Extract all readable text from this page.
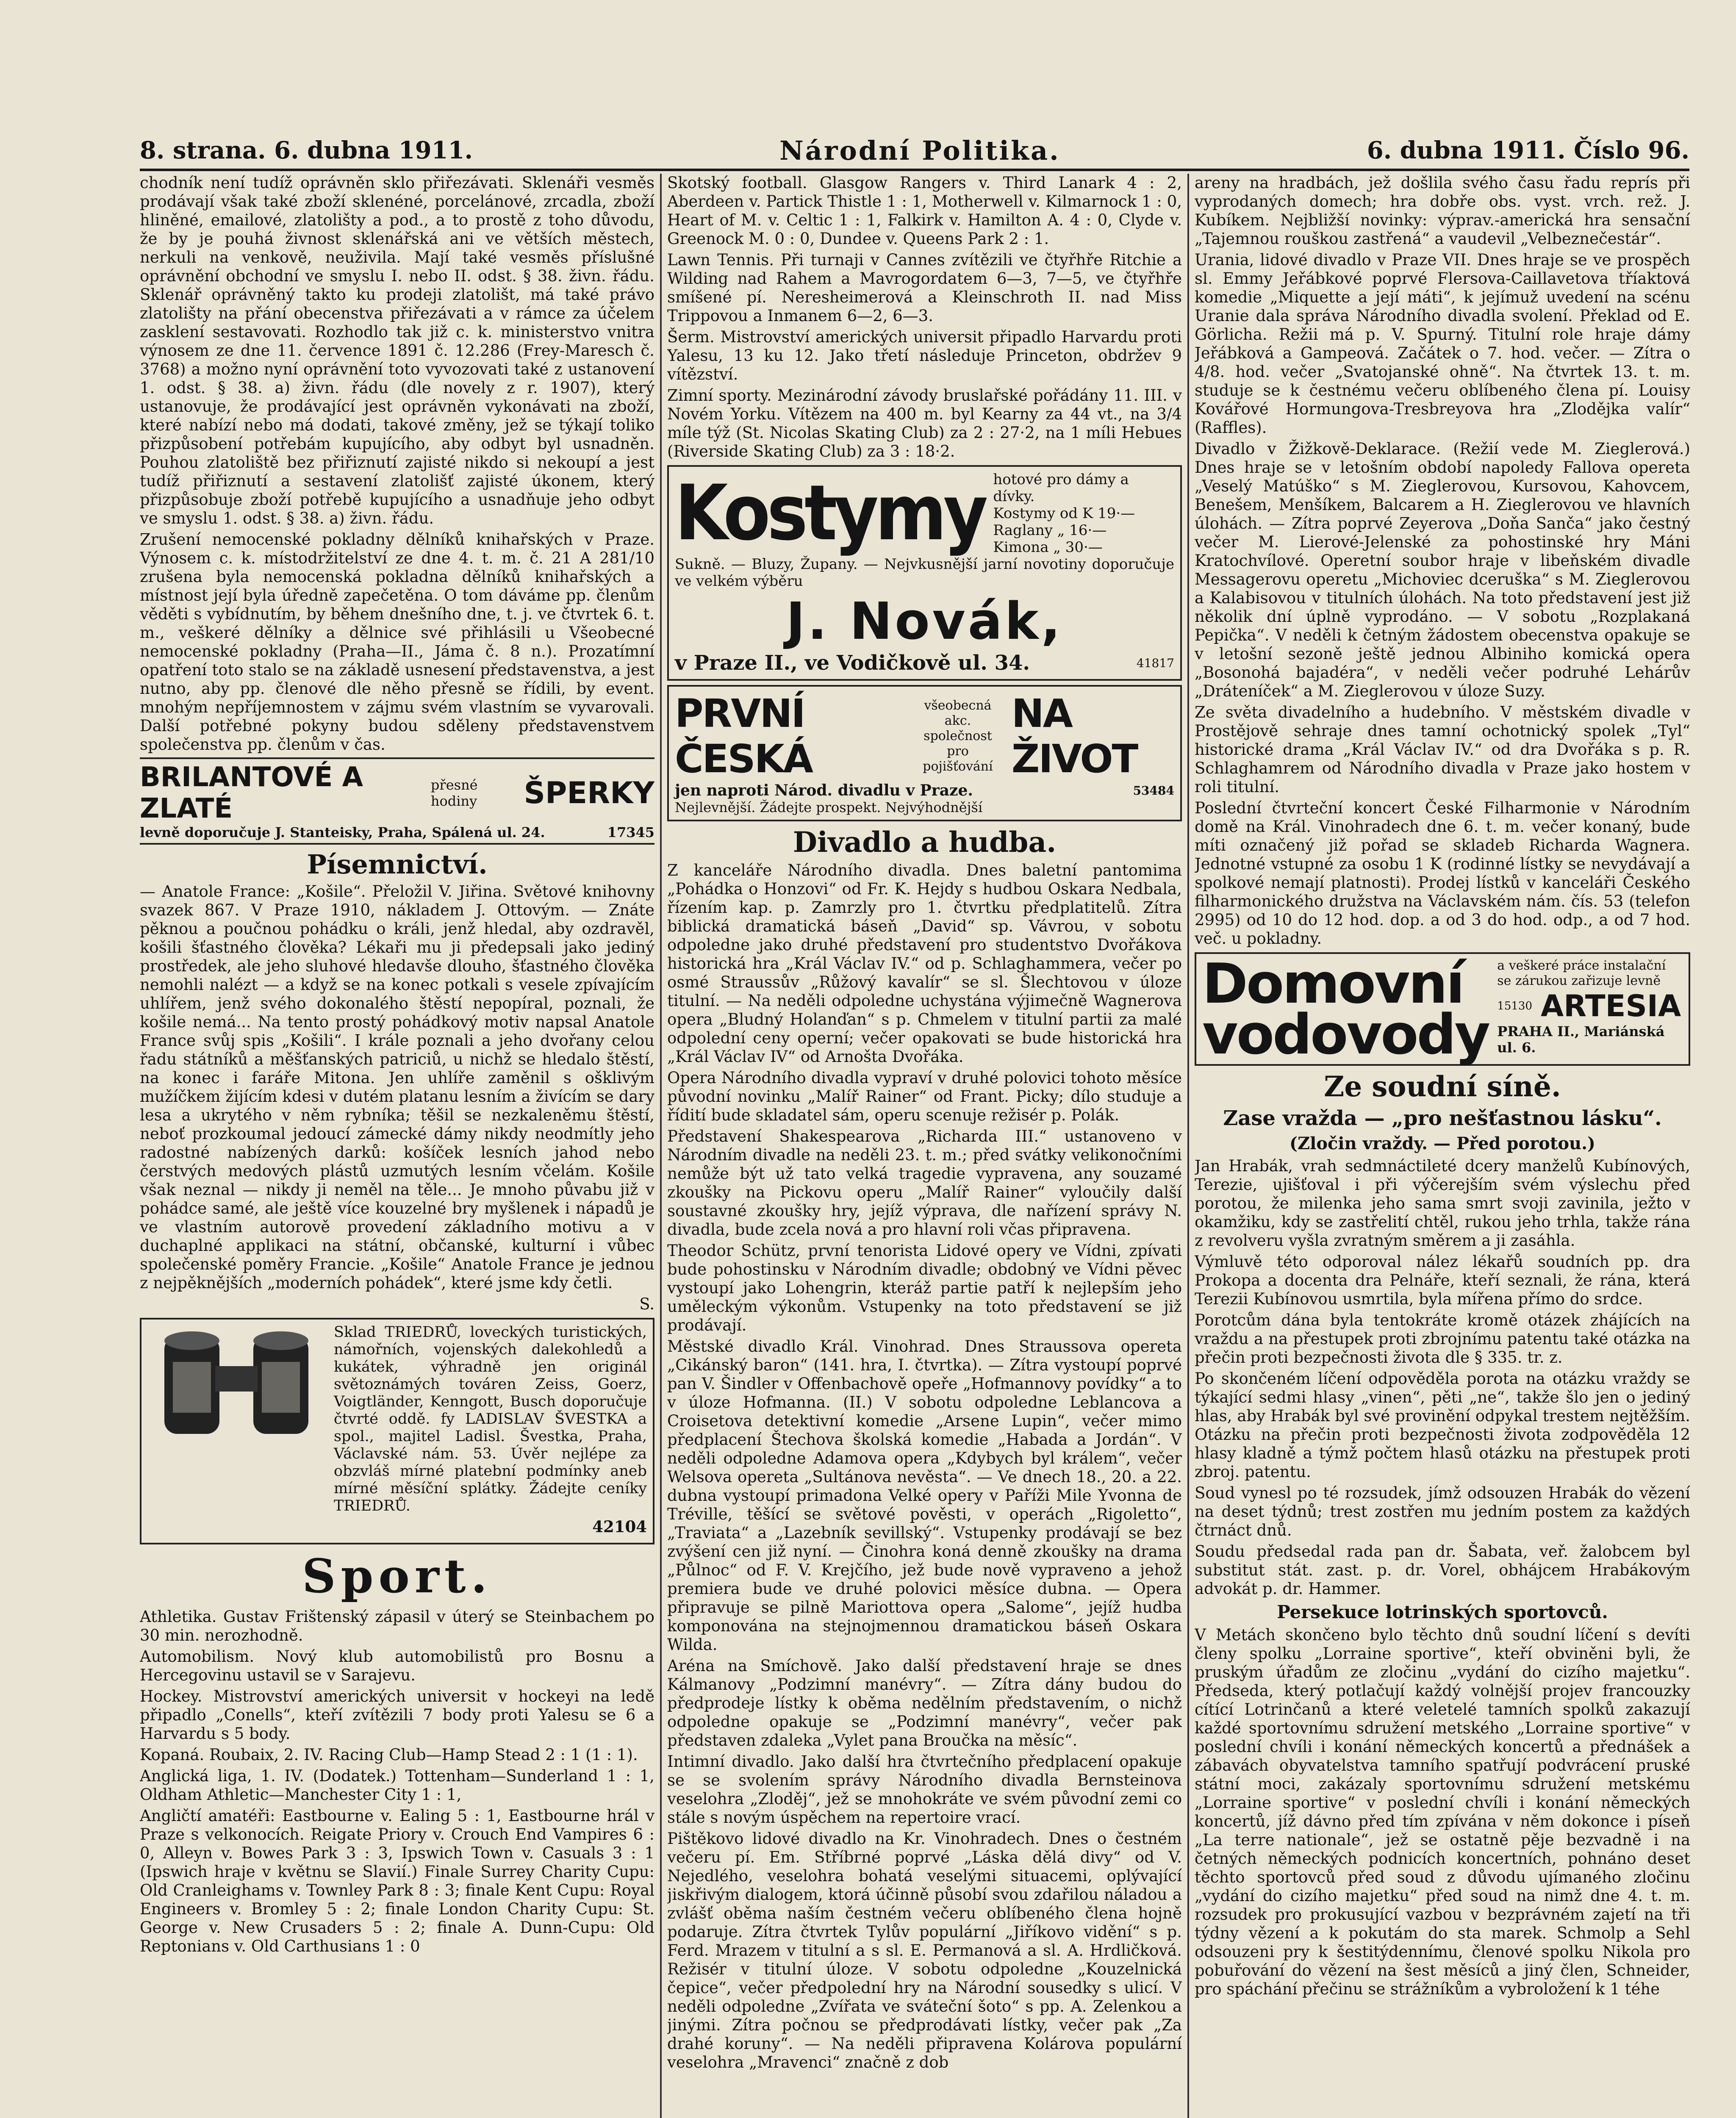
8. strana. 6. dubna 1911.	Národní Politika.	6. dubna 1911. Číslo 96.

chodník není tudíž oprávněn sklo přiřezávati. Sklenáři vesměs prodávají však také zboží sklenéné, porcelánové, zrcadla, zboží hliněné, emailové, zlatolišty a pod., a to prostě z toho důvodu, že by je pouhá živnost sklenářská ani ve větších městech, nerkuli na venkově, neuživila. Mají také vesměs příslušné oprávnění obchodní ve smyslu I. nebo II. odst. § 38. živn. řádu. Sklenář oprávněný takto ku prodeji zlatolišt, má také právo zlatolišty na přání obecenstva přiřezávati a v rámce za účelem zasklení sestavovati. Rozhodlo tak již c. k. ministerstvo vnitra výnosem ze dne 11. července 1891 č. 12.286 (Frey-Maresch č. 3768) a možno nyní oprávnění toto vyvozovati také z ustanovení 1. odst. § 38. a) živn. řádu (dle novely z r. 1907), který ustanovuje, že prodávající jest oprávněn vykonávati na zboží, které nabízí nebo má dodati, takové změny, jež se týkají toliko přizpůsobení potřebám kupujícího, aby odbyt byl usnadněn. Pouhou zlatoliště bez přiřiznutí zajisté nikdo si nekoupí a jest tudíž přiřiznutí a sestavení zlatolišť zajisté úkonem, který přizpůsobuje zboží potřebě kupujícího a usnadňuje jeho odbyt ve smyslu 1. odst. § 38. a) živn. řádu.

Zrušení nemocenské pokladny dělníků knihařských v Praze. Výnosem c. k. místodržitelství ze dne 4. t. m. č. 21 A 281/10 zrušena byla nemocenská pokladna dělníků knihařských a místnost její byla úředně zapečetěna. O tom dáváme pp. členům věděti s vybídnutím, by během dnešního dne, t. j. ve čtvrtek 6. t. m., veškeré dělníky a dělnice své přihlásili u Všeobecné nemocenské pokladny (Praha—II., Jáma č. 8 n.). Prozatímní opatření toto stalo se na základě usnesení představenstva, a jest nutno, aby pp. členové dle něho přesně se řídili, by event. mnohým nepříjemnostem v zájmu svém vlastním se vyvarovali. Další potřebné pokyny budou sděleny představenstvem společenstva pp. členům v čas.

BRILANTOVÉ A ZLATÉ
přesné hodiny	ŠPERKY
levně doporučuje J. Stanteisky, Praha, Spálená ul. 24.	17345
Písemnictví.

— Anatole France: „Košile“. Přeložil V. Jiřina. Světové knihovny svazek 867. V Praze 1910, nákladem J. Ottovým. — Znáte pěknou a poučnou pohádku o králi, jenž hledal, aby ozdravěl, košili šťastného člověka? Lékaři mu ji předepsali jako jediný prostředek, ale jeho sluhové hledavše dlouho, šťastného člověka nemohli nalézt — a když se na konec potkali s vesele zpívajícím uhlířem, jenž svého dokonalého štěstí nepopíral, poznali, že košile nemá... Na tento prostý pohádkový motiv napsal Anatole France svůj spis „Košili“. I krále poznali a jeho dvořany celou řadu státníků a měšťanských patriciů, u nichž se hledalo štěstí, na konec i faráře Mitona. Jen uhlíře zaměnil s ošklivým mužíčkem žijícím kdesi v dutém platanu lesním a živícím se dary lesa a ukrytého v něm rybníka; těšil se nezkaleněmu štěstí, neboť prozkoumal jedoucí zámecké dámy nikdy neodmítly jeho radostné nabízených darků: košíček lesních jahod nebo čerstvých medových plástů uzmutých lesním včelám. Košile však neznal — nikdy ji neměl na těle... Je mnoho půvabu již v pohádce samé, ale ještě více kouzelné bry myšlenek i nápadů je ve vlastním autorově provedení základního motivu a v duchaplné applikaci na státní, občanské, kulturní i vůbec společenské poměry Francie. „Košile“ Anatole France je jednou z nejpěknějších „moderních pohádek“, které jsme kdy četli.

S.

Sklad TRIEDRŮ, loveckých turistických, námořních, vojenských dalekohledů a kukátek, výhradně jen originál světoznámých továren Zeiss, Goerz, Voigtländer, Kenngott, Busch doporučuje čtvrté oddě. fy LADISLAV ŠVESTKA a spol., majitel Ladisl. Švestka, Praha, Václavské nám. 53. Úvěr nejlépe za obzvláš mírné platební podmínky aneb mírné měsíční splátky. Žádejte ceníky TRIEDRŮ.

42104

Sport.

Athletika. Gustav Frištenský zápasil v úterý se Steinbachem po 30 min. nerozhodně.

Automobilism. Nový klub automobilistů pro Bosnu a Hercegovinu ustavil se v Sarajevu.

Hockey. Mistrovství amerických universit v hockeyi na ledě připadlo „Conells“, kteří zvítězili 7 body proti Yalesu se 6 a Harvardu s 5 body.

Kopaná. Roubaix, 2. IV. Racing Club—Hamp Stead 2 : 1 (1 : 1).

Anglická liga, 1. IV. (Dodatek.) Tottenham—Sunderland 1 : 1, Oldham Athletic—Manchester City 1 : 1,

Angličtí amatéři: Eastbourne v. Ealing 5 : 1, Eastbourne hrál v Praze s velkonocích. Reigate Priory v. Crouch End Vampires 6 : 0, Alleyn v. Bowes Park 3 : 3, Ipswich Town v. Casuals 3 : 1 (Ipswich hraje v květnu se Slavií.) Finale Surrey Charity Cupu: Old Cranleighams v. Townley Park 8 : 3; finale Kent Cupu: Royal Engineers v. Bromley 5 : 2; finale London Charity Cupu: St. George v. New Crusaders 5 : 2; finale A. Dunn-Cupu: Old Reptonians v. Old Carthusians 1 : 0

Skotský football. Glasgow Rangers v. Third Lanark 4 : 2, Aberdeen v. Partick Thistle 1 : 1, Motherwell v. Kilmarnock 1 : 0, Heart of M. v. Celtic 1 : 1, Falkirk v. Hamilton A. 4 : 0, Clyde v. Greenock M. 0 : 0, Dundee v. Queens Park 2 : 1.

Lawn Tennis. Při turnaji v Cannes zvítězili ve čtyřhře Ritchie a Wilding nad Rahem a Mavrogordatem 6—3, 7—5, ve čtyřhře smíšené pí. Neresheimerová a Kleinschroth II. nad Miss Trippovou a Inmanem 6—2, 6—3.

Šerm. Mistrovství amerických universit připadlo Harvardu proti Yalesu, 13 ku 12. Jako třetí následuje Princeton, obdržev 9 vítězství.

Zimní sporty. Mezinárodní závody bruslařské pořádány 11. III. v Novém Yorku. Vítězem na 400 m. byl Kearny za 44 vt., na 3/4 míle týž (St. Nicolas Skating Club) za 2 : 27·2, na 1 míli Hebues (Riverside Skating Club) za 3 : 18·2.

Kostymy hotové pro dámy a dívky.
Kostymy od K 19·—
Raglany „ 16·—
Kimona „ 30·—

Sukně. — Bluzy, Župany. — Nejvkusnější jarní novotiny doporučuje ve velkém výběru

J. Novák,
v Praze II., ve Vodičkově ul. 34.	41817
PRVNÍ ČESKÁ
všeobecná akc. společnost pro pojišťování
NA ŽIVOT
jen naproti Národ. divadlu v Praze.	53484
Nejlevnější. Žádejte prospekt. Nejvýhodnější
Divadlo a hudba.

Z kanceláře Národního divadla. Dnes baletní pantomima „Pohádka o Honzovi“ od Fr. K. Hejdy s hudbou Oskara Nedbala, řízením kap. p. Zamrzly pro 1. čtvrtku předplatitelů. Zítra biblická dramatická báseň „David“ sp. Vávrou, v sobotu odpoledne jako druhé představení pro studentstvo Dvořákova historická hra „Král Václav IV.“ od p. Schlaghammera, večer po osmé Straussův „Růžový kavalír“ se sl. Šlechtovou v úloze titulní. — Na neděli odpoledne uchystána výjimečně Wagnerova opera „Bludný Holanďan“ s p. Chmelem v titulní partii za malé odpolední ceny operní; večer opakovati se bude historická hra „Král Václav IV“ od Arnošta Dvořáka.

Opera Národního divadla vypraví v druhé polovici tohoto měsíce původní novinku „Malíř Rainer“ od Frant. Picky; dílo studuje a řídití bude skladatel sám, operu scenuje režisér p. Polák.

Představení Shakespearova „Richarda III.“ ustanoveno v Národním divadle na neděli 23. t. m.; před svátky velikonočními nemůže být už tato velká tragedie vypravena, any souzamé zkoušky na Pickovu operu „Malíř Rainer“ vyloučily další soustavné zkoušky hry, jejíž výprava, dle nařízení správy N. divadla, bude zcela nová a pro hlavní roli včas připravena.

Theodor Schütz, první tenorista Lidové opery ve Vídni, zpívati bude pohostinsku v Národním divadle; obdobný ve Vídni pěvec vystoupí jako Lohengrin, kteráž partie patří k nejlepším jeho uměleckým výkonům. Vstupenky na toto představení se již prodávají.

Městské divadlo Král. Vinohrad. Dnes Straussova opereta „Cikánský baron“ (141. hra, I. čtvrtka). — Zítra vystoupí poprvé pan V. Šindler v Offenbachově opeře „Hofmannovy povídky“ a to v úloze Hofmanna. (II.) V sobotu odpoledne Leblancova a Croisetova detektivní komedie „Arsene Lupin“, večer mimo předplacení Štechova školská komedie „Habada a Jordán“. V neděli odpoledne Adamova opera „Kdybych byl králem“, večer Welsova opereta „Sultánova nevěsta“. — Ve dnech 18., 20. a 22. dubna vystoupí primadona Velké opery v Paříži Mile Yvonna de Tréville, těšící se světové pověsti, v operách „Rigoletto“, „Traviata“ a „Lazebník sevillský“. Vstupenky prodávají se bez zvýšení cen již nyní. — Činohra koná denně zkoušky na drama „Půlnoc“ od F. V. Krejčího, jež bude nově vypraveno a jehož premiera bude ve druhé polovici měsíce dubna. — Opera připravuje se pilně Mariottova opera „Salome“, jejíž hudba komponována na stejnojmennou dramatickou báseň Oskara Wilda.

Aréna na Smíchově. Jako další představení hraje se dnes Kálmanovy „Podzimní manévry“. — Zítra dány budou do předprodeje lístky k oběma nedělním představením, o nichž odpoledne opakuje se „Podzimní manévry“, večer pak představen zdaleka „Vylet pana Broučka na měsíc“.

Intimní divadlo. Jako další hra čtvrtečního předplacení opakuje se se svolením správy Národního divadla Bernsteinova veselohra „Zloděj“, jež se mnohokráte ve svém původní zemi co stále s novým úspěchem na repertoire vrací.

Pištěkovo lidové divadlo na Kr. Vinohradech. Dnes o čestném večeru pí. Em. Stříbrné poprvé „Láska dělá divy“ od V. Nejedlého, veselohra bohatá veselými situacemi, oplývající jiskřivým dialogem, ktorá účinně působí svou zdařilou náladou a zvlášť oběma naším čestném večeru oblíbeného člena hojně podaruje. Zítra čtvrtek Tylův populární „Jiříkovo vidění“ s p. Ferd. Mrazem v titulní a s sl. E. Permanová a sl. A. Hrdličková. Režisér v titulní úloze. V sobotu odpoledne „Kouzelnická čepice“, večer předpolední hry na Národní sousedky s ulicí. V neděli odpoledne „Zvířata ve sváteční šoto“ s pp. A. Zelenkou a jinými. Zítra počnou se předprodávati lístky, večer pak „Za drahé koruny“. — Na neděli připravena Kolárova populární veselohra „Mravenci“ značně z dob

areny na hradbách, jež došlila svého času řadu reprís při vyprodaných domech; hra dobře obs. vyst. vrch. rež. J. Kubíkem. Nejbližší novinky: výprav.-americká hra sensační „Tajemnou rouškou zastřená“ a vaudevil „Velbeznečestár“.

Urania, lidové divadlo v Praze VII. Dnes hraje se ve prospěch sl. Emmy Jeřábkové poprvé Flersova-Caillavetova tříaktová komedie „Miquette a její máti“, k jejímuž uvedení na scénu Uranie dala správa Národního divadla svolení. Překlad od E. Görlicha. Režii má p. V. Spurný. Titulní role hraje dámy Jeřábková a Gampeová. Začátek o 7. hod. večer. — Zítra o 4/8. hod. večer „Svatojanské ohně“. Na čtvrtek 13. t. m. studuje se k čestnému večeru oblíbeného člena pí. Louisy Kovářové Hormungova-Tresbreyova hra „Zlodějka valír“ (Raffles).

Divadlo v Žižkově-Deklarace. (Režií vede M. Zieglerová.) Dnes hraje se v letošním období napoledy Fallova opereta „Veselý Matúško“ s M. Zieglerovou, Kursovou, Kahovcem, Benešem, Menšíkem, Balcarem a H. Zieglerovou ve hlavních úlohách. — Zítra poprvé Zeyerova „Doňa Sanča“ jako čestný večer M. Lierové-Jelenské za pohostinské hry Máni Kratochvílové. Operetní soubor hraje v libeňském divadle Messagerovu operetu „Michoviec dceruška“ s M. Zieglerovou a Kalabisovou v titulních úlohách. Na toto představení jest již několik dní úplně vyprodáno. — V sobotu „Rozplakaná Pepička“. V neděli k četným žádostem obecenstva opakuje se v letošní sezoně ještě jednou Albiniho komická opera „Bosonohá bajadéra“, v neděli večer podruhé Lehárův „Dráteníček“ a M. Zieglerovou v úloze Suzy.

Ze světa divadelního a hudebního. V městském divadle v Prostějově sehraje dnes tamní ochotnický spolek „Tyl“ historické drama „Král Václav IV.“ od dra Dvořáka s p. R. Schlaghamrem od Národního divadla v Praze jako hostem v roli titulní.

Poslední čtvrteční koncert České Filharmonie v Národním domě na Král. Vinohradech dne 6. t. m. večer konaný, bude míti označený již pořad se skladeb Richarda Wagnera. Jednotné vstupné za osobu 1 K (rodinné lístky se nevydávají a spolkové nemají platnosti). Prodej lístků v kanceláři Českého filharmonického družstva na Václavském nám. čís. 53 (telefon 2995) od 10 do 12 hod. dop. a od 3 do hod. odp., a od 7 hod. več. u pokladny.

Domovní
vodovody
a veškeré práce instalační se zárukou zařizuje levně
15130 ARTESIA
PRAHA II., Mariánská ul. 6.
Ze soudní síně.
Zase vražda — „pro nešťastnou lásku“.
(Zločin vraždy. — Před porotou.)

Jan Hrabák, vrah sedmnáctileté dcery manželů Kubínových, Terezie, ujišťoval i při výčerejším svém výslechu před porotou, že milenka jeho sama smrt svoji zavinila, ježto v okamžiku, kdy se zastřelití chtěl, rukou jeho trhla, takže rána z revolveru vyšla zvratným směrem a ji zasáhla.

Výmluvě této odporoval nález lékařů soudních pp. dra Prokopa a docenta dra Pelnáře, kteří seznali, že rána, která Terezii Kubínovou usmrtila, byla mířena přímo do srdce.

Porotcům dána byla tentokráte kromě otázek zhájících na vraždu a na přestupek proti zbrojnímu patentu také otázka na přečin proti bezpečnosti života dle § 335. tr. z.

Po skončeném líčení odpověděla porota na otázku vraždy se týkající sedmi hlasy „vinen“, pěti „ne“, takže šlo jen o jediný hlas, aby Hrabák byl své provinění odpykal trestem nejtěžším. Otázku na přečin proti bezpečnosti života zodpověděla 12 hlasy kladně a týmž počtem hlasů otázku na přestupek proti zbroj. patentu.

Soud vynesl po té rozsudek, jímž odsouzen Hrabák do vězení na deset týdnů; trest zostřen mu jedním postem za každých čtrnáct dnů.

Soudu předsedal rada pan dr. Šabata, veř. žalobcem byl substitut stát. zast. p. dr. Vorel, obhájcem Hrabákovým advokát p. dr. Hammer.

Persekuce lotrinských sportovců.

V Metách skončeno bylo těchto dnů soudní líčení s devíti členy spolku „Lorraine sportive“, kteří obviněni byli, že pruským úřadům ze zločinu „vydání do cizího majetku“. Předseda, který potlačují každý volnější projev francouzky cítící Lotrinčanů a které veletelé tamních spolků zakazují každé sportovnímu sdružení metského „Lorraine sportive“ v poslední chvíli i konání německých koncertů a přednášek a zábavách obyvatelstva tamního spatřují podvrácení pruské státní moci, zakázaly sportovnímu sdružení metskému „Lorraine sportive“ v poslední chvíli i konání německých koncertů, jíž dávno před tím zpívána v něm dokonce i píseň „La terre nationale“, jež se ostatně pěje bezvadně i na četných německých podnicích koncertních, pohnáno deset těchto sportovců před soud z důvodu ujímaného zločinu „vydání do cizího majetku“ před soud na nimž dne 4. t. m. rozsudek pro prokusující vazbou v bezprávném zajetí na tři týdny vězení a k pokutám do sta marek. Schmolp a Sehl odsouzeni pry k šestitýdennímu, členové spolku Nikola pro pobuřování do vězení na šest měsíců a jiný člen, Schneider, pro spáchání přečinu se strážníkům a vybroložení k 1 téhe
